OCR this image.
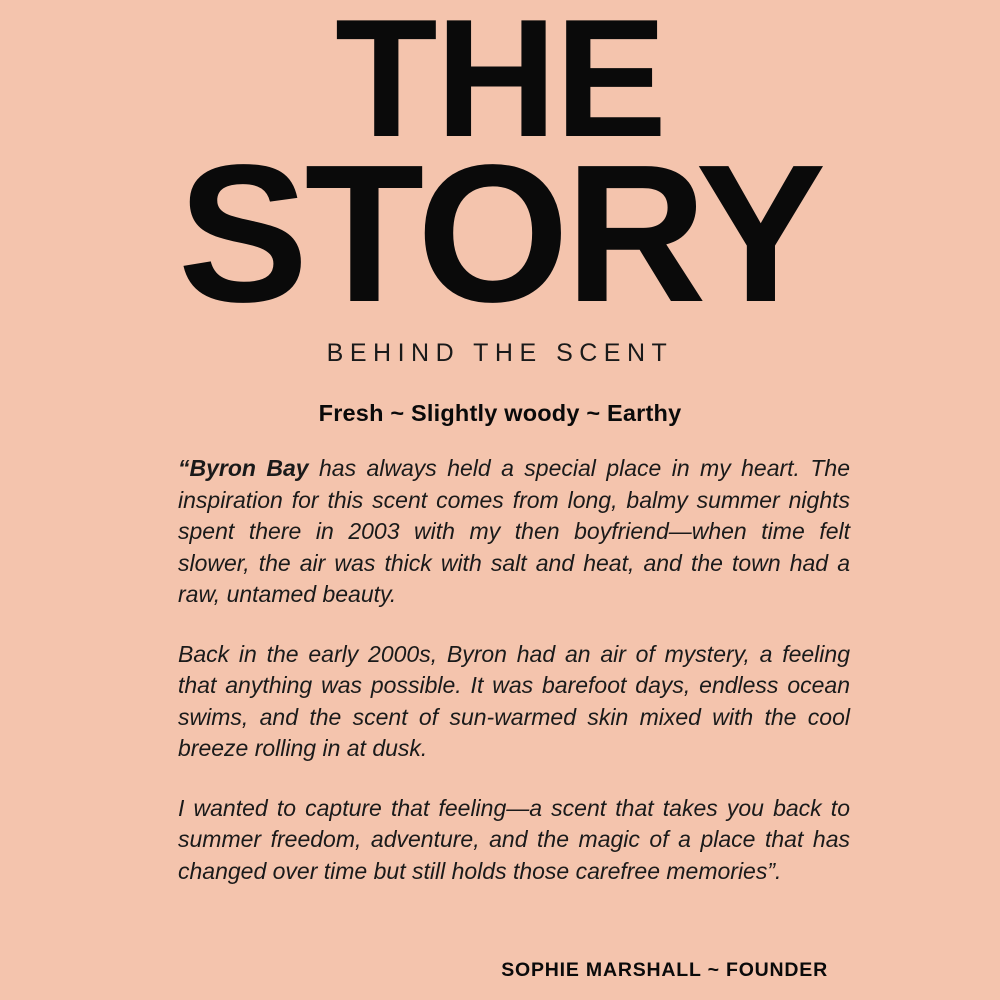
THE
STORY
BEHIND THE SCENT
Fresh ~ Slightly woody ~ Earthy

“Byron Bay has always held a special place in my heart. The inspiration for this scent comes from long, balmy summer nights spent there in 2003 with my then boyfriend—when time felt slower, the air was thick with salt and heat, and the town had a raw, untamed beauty.

Back in the early 2000s, Byron had an air of mystery, a feeling that anything was possible. It was barefoot days, endless ocean swims, and the scent of sun-warmed skin mixed with the cool breeze rolling in at dusk.

I wanted to capture that feeling—a scent that takes you back to summer freedom, adventure, and the magic of a place that has changed over time but still holds those carefree memories”.

SOPHIE MARSHALL ~ FOUNDER
